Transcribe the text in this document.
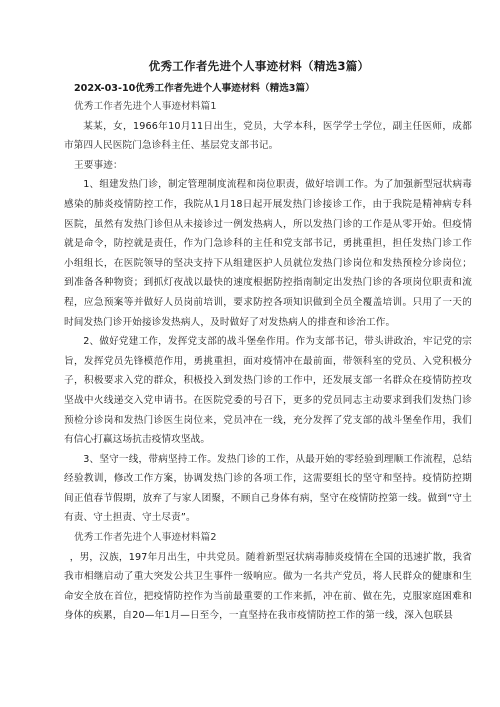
优秀工作者先进个人事迹材料（精选3篇）
202X-03-10优秀工作者先进个人事迹材料（精选3篇）

优秀工作者先进个人事迹材料篇1

某某，女，1966年10月11日出生，党员，大学本科，医学学士学位，副主任医师，成都市第四人民医院门急诊科主任、基层党支部书记。

王要事迹：

1、组建发热门诊，制定管理制度流程和岗位职责，做好培训工作。为了加强新型冠状病毒感染的肺炎疫情防控工作，我院从1月18日起开展发热门诊接诊工作，由于我院是精神病专科医院，虽然有发热门诊但从未接诊过一例发热病人，所以发热门诊的工作是从零开始。但疫情就是命令，防控就是责任，作为门急诊科的主任和党支部书记，勇挑重担，担任发热门诊工作小组组长，在医院领导的坚决支持下从组建医护人员就位发热门诊岗位和发热预检分诊岗位；到准备各种物资；到抓灯夜战以最快的速度根据防控指南制定出发热门诊的各项岗位职责和流程，应急预案等并做好人员岗前培训，要求防控各项知识做到全员全覆盖培训。只用了一天的时间发热门诊开始接诊发热病人，及时做好了对发热病人的排查和诊治工作。

2、做好党建工作，发挥党支部的战斗堡垒作用。作为支部书记，带头讲政治，牢记党的宗旨，发挥党员先锋模范作用，勇挑重担，面对疫情冲在最前面，带领科室的党员、入党积极分子，积极要求入党的群众，积极投入到发热门诊的工作中，还发展支部一名群众在疫情防控攻坚战中火线递交入党申请书。在医院党委的号召下，更多的党员同志主动要求到我们发热门诊预检分诊岗和发热门诊医生岗位来，党员冲在一线，充分发挥了党支部的战斗堡垒作用，我们有信心打赢这场抗击疫情攻坚战。

3、坚守一线，带病坚持工作。发热门诊的工作，从最开始的零经验到理顺工作流程，总结经验教训，修改工作方案，协调发热门诊的各项工作，这需要组长的坚守和坚持。疫情防控期间正值春节假期，放弃了与家人团聚，不顾自己身体有病，坚守在疫情防控第一线。做到“守土有责、守土担责、守土尽责”。

优秀工作者先进个人事迹材料篇2

，男，汉族，197年月出生，中共党员。随着新型冠状病毒肺炎疫情在全国的迅速扩散，我省我市相继启动了重大突发公共卫生事件一级响应。做为一名共产党员，将人民群众的健康和生命安全放在首位，把疫情防控作为当前最重要的工作来抓，冲在前、做在先，克服家庭困难和身体的疾累，自20—年1月—日至今，一直坚持在我市疫情防控工作的第一线，深入包联县
